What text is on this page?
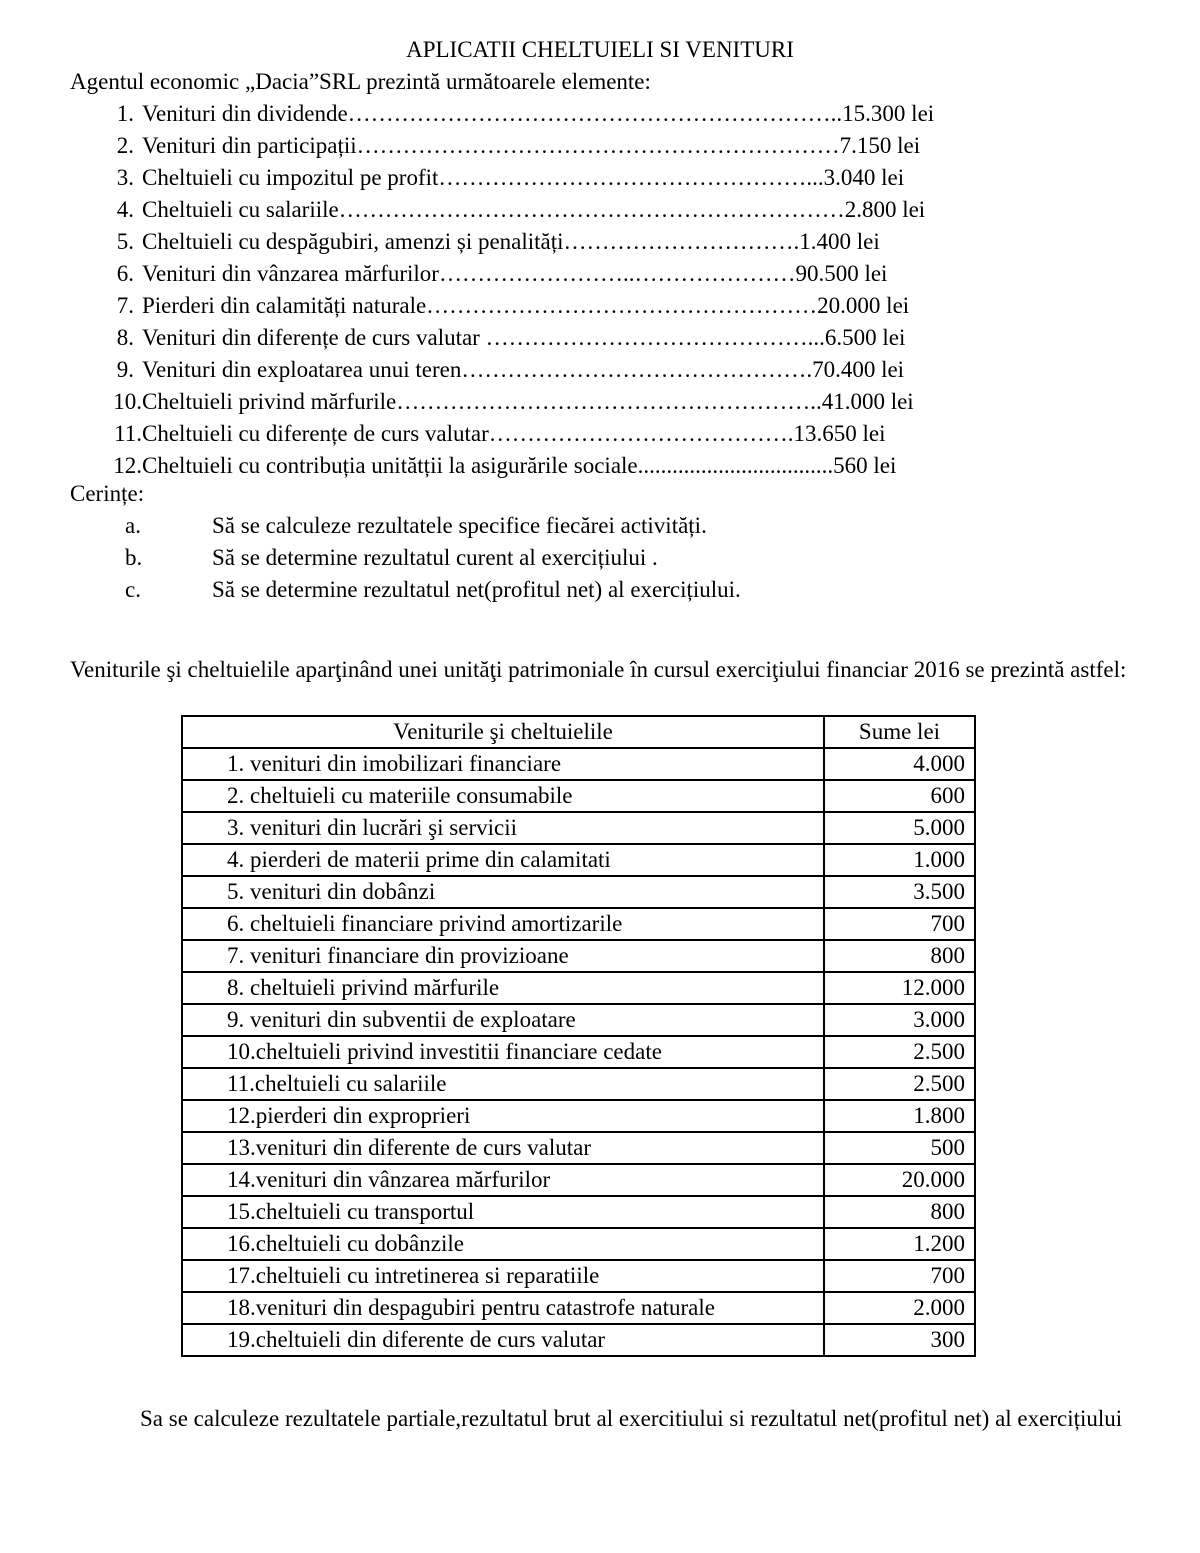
APLICATII CHELTUIELI SI VENITURI
Agentul economic „Dacia”SRL prezintă următoarele elemente:
1. Venituri din dividende………………………………………………………..15.300 lei
2. Venituri din participații………………………………………………………7.150 lei
3. Cheltuieli cu impozitul pe profit…………………………………………...3.040 lei
4. Cheltuieli cu salariile…………………………………………………………2.800 lei
5. Cheltuieli cu despăgubiri, amenzi și penalități………………………….1.400 lei
6. Venituri din vânzarea mărfurilor……………………..…………………90.500 lei
7. Pierderi din calamități naturale……………………………………………20.000 lei
8. Venituri din diferențe de curs valutar ……………………………………...6.500 lei
9. Venituri din exploatarea unui teren……………………………………….70.400 lei
10. Cheltuieli privind mărfurile………………………………………………..41.000 lei
11. Cheltuieli cu diferențe de curs valutar………………………………….13.650 lei
12. Cheltuieli cu contribuția unitătții la asigurările sociale..................................560 lei
Cerințe:
a.	Să se calculeze rezultatele specifice fiecărei activități.
b.	Să se determine rezultatul curent al exercițiului .
c.	Să se determine rezultatul net(profitul net) al exercițiului.
Veniturile şi cheltuielile aparţinând unei unităţi patrimoniale în cursul exerciţiului financiar 2016 se prezintă astfel:
Veniturile şi cheltuielile	Sume lei
1. venituri din imobilizari financiare	4.000
2. cheltuieli cu materiile consumabile	600
3. venituri din lucrări şi servicii	5.000
4. pierderi de materii prime din calamitati	1.000
5. venituri din dobânzi	3.500
6. cheltuieli financiare privind amortizarile	700
7. venituri financiare din provizioane	800
8. cheltuieli privind mărfurile	12.000
9. venituri din subventii de exploatare	3.000
10.cheltuieli privind investitii financiare cedate	2.500
11.cheltuieli cu salariile	2.500
12.pierderi din exproprieri	1.800
13.venituri din diferente de curs valutar	500
14.venituri din vânzarea mărfurilor	20.000
15.cheltuieli cu transportul	800
16.cheltuieli cu dobânzile	1.200
17.cheltuieli cu intretinerea si reparatiile	700
18.venituri din despagubiri pentru catastrofe naturale	2.000
19.cheltuieli din diferente de curs valutar	300
Sa se calculeze rezultatele partiale,rezultatul brut al exercitiului si rezultatul net(profitul net) al exercițiului
